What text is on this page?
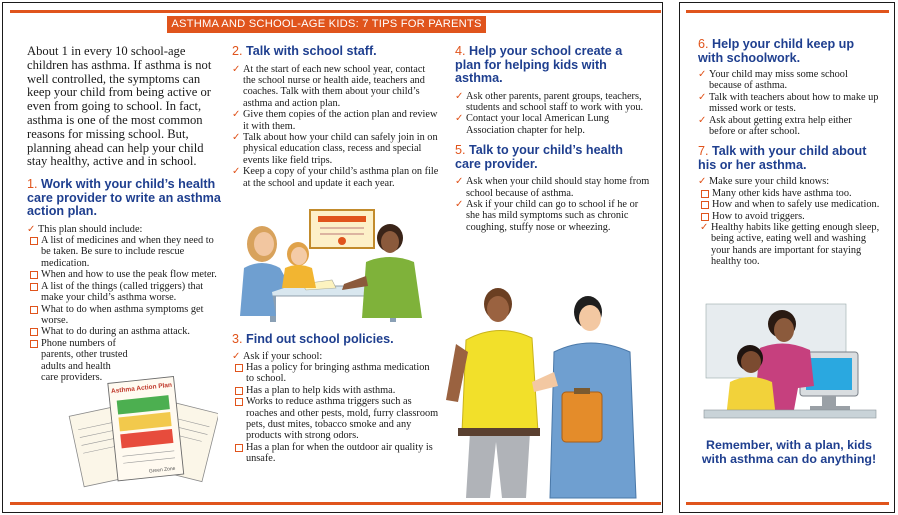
ASTHMA AND SCHOOL-AGE KIDS: 7 TIPS FOR PARENTS
About 1 in every 10 school-age children has asthma. If asthma is not well controlled, the symptoms can keep your child from being active or even from going to school. In fact, asthma is one of the most common reasons for missing school. But, planning ahead can help your child stay healthy, active and in school.
1. Work with your child’s health care provider to write an asthma action plan.
✓ This plan should include:
A list of medicines and when they need to be taken. Be sure to include rescue medication.
When and how to use the peak flow meter.
A list of the things (called triggers) that make your child’s asthma worse.
What to do when asthma symptoms get worse.
What to do during an asthma attack.
Phone numbers of parents, other trusted adults and health care providers.
Asthma Action Plan
Green Zone
2. Talk with school staff.
✓ At the start of each new school year, contact the school nurse or health aide, teachers and coaches. Talk with them about your child’s asthma and action plan.
✓ Give them copies of the action plan and review it with them.
✓ Talk about how your child can safely join in on physical education class, recess and special events like field trips.
✓ Keep a copy of your child’s asthma plan on file at the school and update it each year.
3. Find out school policies.
✓ Ask if your school:
Has a policy for bringing asthma medication to school.
Has a plan to help kids with asthma.
Works to reduce asthma triggers such as roaches and other pests, mold, furry classroom pets, dust mites, tobacco smoke and any products with strong odors.
Has a plan for when the outdoor air quality is unsafe.
4. Help your school create a plan for helping kids with asthma.
✓ Ask other parents, parent groups, teachers, students and school staff to work with you.
✓ Contact your local American Lung Association chapter for help.
5. Talk to your child’s health care provider.
✓ Ask when your child should stay home from school because of asthma.
✓ Ask if your child can go to school if he or she has mild symptoms such as chronic coughing, stuffy nose or wheezing.
6. Help your child keep up with schoolwork.
✓ Your child may miss some school because of asthma.
✓ Talk with teachers about how to make up missed work or tests.
✓ Ask about getting extra help either before or after school.
7. Talk with your child about his or her asthma.
✓ Make sure your child knows:
Many other kids have asthma too.
How and when to safely use medication.
How to avoid triggers.
✓ Healthy habits like getting enough sleep, being active, eating well and washing your hands are important for staying healthy too.
Remember, with a plan, kids with asthma can do anything!
